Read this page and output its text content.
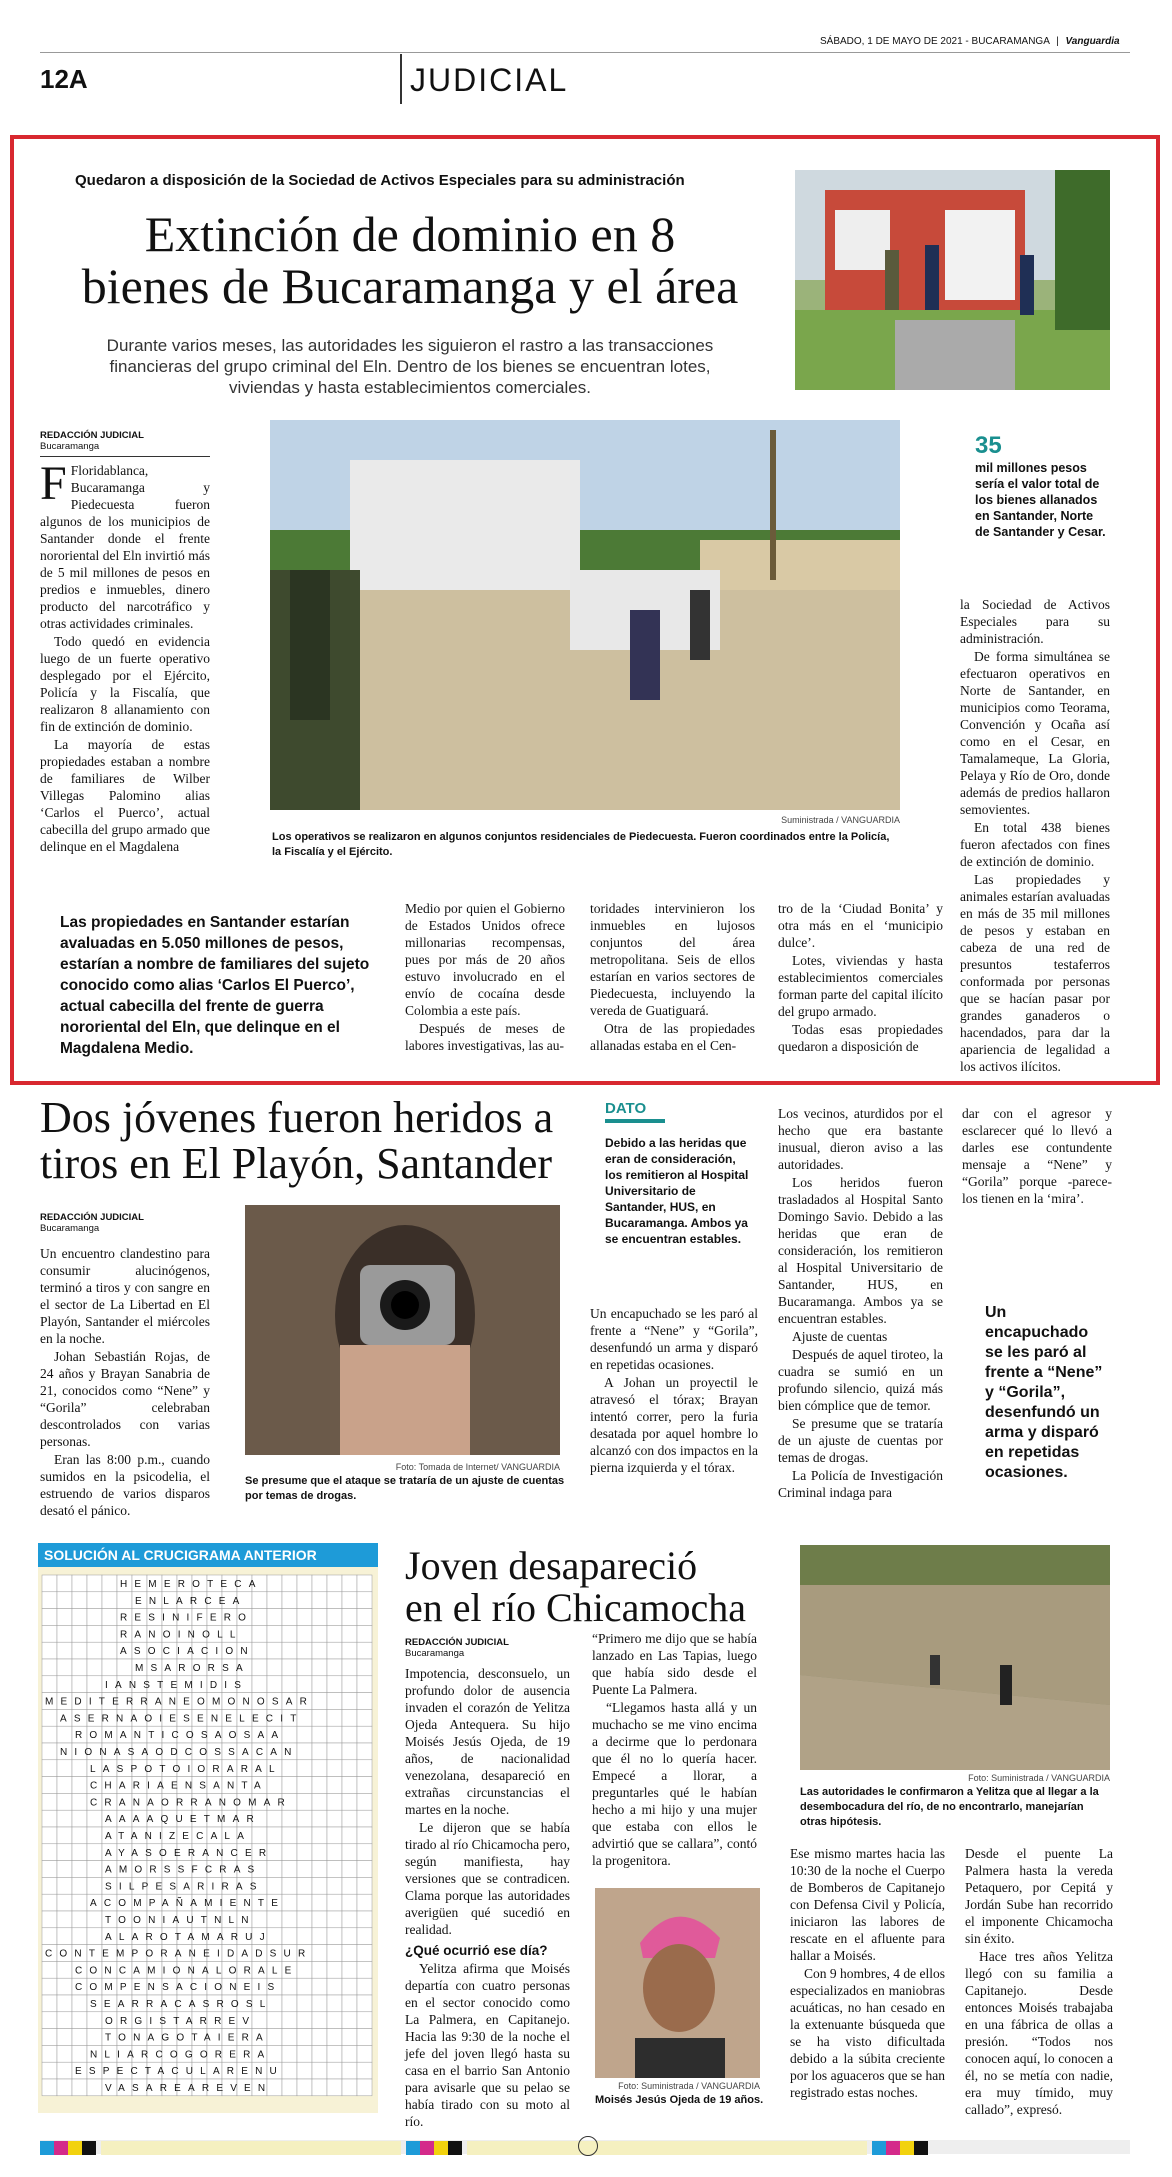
SÁBADO, 1 DE MAYO DE 2021 - BUCARAMANGA | Vanguardia
12A	JUDICIAL
Quedaron a disposición de la Sociedad de Activos Especiales para su administración
Extinción de dominio en 8
bienes de Bucaramanga y el área
Durante varios meses, las autoridades les siguieron el rastro a las transacciones financieras del grupo criminal del Eln. Dentro de los bienes se encuentran lotes, viviendas y hasta establecimientos comerciales.
REDACCIÓN JUDICIAL
Bucaramanga

F Floridablanca, Bucaramanga y Piedecuesta fueron algunos de los municipios de Santander donde el frente nororiental del Eln invirtió más de 5 mil millones de pesos en predios e inmuebles, dinero producto del narcotráfico y otras actividades criminales.

Todo quedó en evidencia luego de un fuerte operativo desplegado por el Ejército, Policía y la Fiscalía, que realizaron 8 allanamiento con fin de extinción de dominio.

La mayoría de estas propiedades estaban a nombre de familiares de Wilber Villegas Palomino alias ‘Carlos el Puerco’, actual cabecilla del grupo armado que delinque en el Magdalena

Suministrada / VANGUARDIA
Los operativos se realizaron en algunos conjuntos residenciales de Piedecuesta. Fueron coordinados entre la Policía, la Fiscalía y el Ejército.
35
mil millones pesos sería el valor total de los bienes allanados en Santander, Norte de Santander y Cesar.

la Sociedad de Activos Especiales para su administración.

De forma simultánea se efectuaron operativos en Norte de Santander, en municipios como Teorama, Convención y Ocaña así como en el Cesar, en Tamalameque, La Gloria, Pelaya y Río de Oro, donde además de predios hallaron semovientes.

En total 438 bienes fueron afectados con fines de extinción de dominio.

Las propiedades y animales estarían avaluadas en más de 35 mil millones de pesos y estaban en cabeza de una red de presuntos testaferros conformada por personas que se hacían pasar por grandes ganaderos o hacendados, para dar la apariencia de legalidad a los activos ilícitos.

Las propiedades en Santander estarían avaluadas en 5.050 millones de pesos, estarían a nombre de familiares del sujeto conocido como alias ‘Carlos El Puerco’, actual cabecilla del frente de guerra nororiental del Eln, que delinque en el Magdalena Medio.

Medio por quien el Gobierno de Estados Unidos ofrece millonarias recompensas, pues por más de 20 años estuvo involucrado en el envío de cocaína desde Colombia a este país.

Después de meses de labores investigativas, las au-

toridades intervinieron los inmuebles en lujosos conjuntos del área metropolitana. Seis de ellos estarían en varios sectores de Piedecuesta, incluyendo la vereda de Guatiguará.

Otra de las propiedades allanadas estaba en el Cen-

tro de la ‘Ciudad Bonita’ y otra más en el ‘municipio dulce’.

Lotes, viviendas y hasta establecimientos comerciales forman parte del capital ilícito del grupo armado.

Todas esas propiedades quedaron a disposición de

Dos jóvenes fueron heridos a
tiros en El Playón, Santander
REDACCIÓN JUDICIAL
Bucaramanga

Un encuentro clandestino para consumir alucinógenos, terminó a tiros y con sangre en el sector de La Libertad en El Playón, Santander el miércoles en la noche.

Johan Sebastián Rojas, de 24 años y Brayan Sanabria de 21, conocidos como “Nene” y “Gorila” celebraban descontrolados con varias personas.

Eran las 8:00 p.m., cuando sumidos en la psicodelia, el estruendo de varios disparos desató el pánico.

Foto: Tomada de Internet/ VANGUARDIA
Se presume que el ataque se trataría de un ajuste de cuentas por temas de drogas.
DATO
Debido a las heridas que eran de consideración, los remitieron al Hospital Universitario de Santander, HUS, en Bucaramanga. Ambos ya se encuentran estables.

Un encapuchado se les paró al frente a “Nene” y “Gorila”, desenfundó un arma y disparó en repetidas ocasiones.

A Johan un proyectil le atravesó el tórax; Brayan intentó correr, pero la furia desatada por aquel hombre lo alcanzó con dos impactos en la pierna izquierda y el tórax.

Los vecinos, aturdidos por el hecho que era bastante inusual, dieron aviso a las autoridades.

Los heridos fueron trasladados al Hospital Santo Domingo Savio. Debido a las heridas que eran de consideración, los remitieron al Hospital Universitario de Santander, HUS, en Bucaramanga. Ambos ya se encuentran estables.

Ajuste de cuentas

Después de aquel tiroteo, la cuadra se sumió en un profundo silencio, quizá más bien cómplice que de temor.

Se presume que se trataría de un ajuste de cuentas por temas de drogas.

La Policía de Investigación Criminal indaga para

dar con el agresor y esclarecer qué lo llevó a darles ese contundente mensaje a “Nene” y “Gorila” porque -parece- los tienen en la ‘mira’.

Un encapuchado se les paró al frente a “Nene” y “Gorila”, desenfundó un arma y disparó en repetidas ocasiones.
SOLUCIÓN AL CRUCIGRAMA ANTERIOR
HEMEROTECA
ENLARCEA
RESINIFERO
RANOINOLL
ASOCIACION
MSARORSA
IANSTEMIDIS
MEDITERRANEOMONOSAR
ASERNAOIESENELECIT
ROMANTICOSAOSAA
NIONASAODCOSSACAN
LASPOTOIORARAL
CHARIAENSANTA
CRANAORRANOMAR
AAAAQUETMAR
ATANIZECALA
AYASOERANCER
AMORSSFCRAS
SILPESARIRAS
ACOMPAÑAMIENTE
TOONIAUTNLN
ALAROTAMARUJ
CONTEMPORANEIDADSUR
CONCAMIONALORALE
COMPENSACIONEIS
SEARRACASROSL
ORGISTARREV
TONAGOTAIERA
NLIARCOGORERA
ESPECTACULARENU
VASAREAREVEN
Joven desapareció
en el río Chicamocha
REDACCIÓN JUDICIAL
Bucaramanga

Impotencia, desconsuelo, un profundo dolor de ausencia invaden el corazón de Yelitza Ojeda Antequera. Su hijo Moisés Jesús Ojeda, de 19 años, de nacionalidad venezolana, desapareció en extrañas circunstancias el martes en la noche.

Le dijeron que se había tirado al río Chicamocha pero, según manifiesta, hay versiones que se contradicen. Clama porque las autoridades averigüen qué sucedió en realidad.

¿Qué ocurrió ese día?

Yelitza afirma que Moisés departía con cuatro personas en el sector conocido como La Palmera, en Capitanejo. Hacia las 9:30 de la noche el jefe del joven llegó hasta su casa en el barrio San Antonio para avisarle que su pelao se había tirado con su moto al río.

“Primero me dijo que se había lanzado en Las Tapias, luego que había sido desde el Puente La Palmera.

“Llegamos hasta allá y un muchacho se me vino encima a decirme que lo perdonara que él no lo quería hacer. Empecé a llorar, a preguntarles qué le habían hecho a mi hijo y una mujer que estaba con ellos le advirtió que se callara”, contó la progenitora.

Foto: Suministrada / VANGUARDIA
Moisés Jesús Ojeda de 19 años.
Foto: Suministrada / VANGUARDIA
Las autoridades le confirmaron a Yelitza que al llegar a la desembocadura del río, de no encontrarlo, manejarían otras hipótesis.

Ese mismo martes hacia las 10:30 de la noche el Cuerpo de Bomberos de Capitanejo con Defensa Civil y Policía, iniciaron las labores de rescate en el afluente para hallar a Moisés.

Con 9 hombres, 4 de ellos especializados en maniobras acuáticas, no han cesado en la extenuante búsqueda que se ha visto dificultada debido a la súbita creciente por los aguaceros que se han registrado estas noches.

Desde el puente La Palmera hasta la vereda Petaquero, por Cepitá y Jordán Sube han recorrido el imponente Chicamocha sin éxito.

Hace tres años Yelitza llegó con su familia a Capitanejo. Desde entonces Moisés trabajaba en una fábrica de ollas a presión. “Todos nos conocen aquí, lo conocen a él, no se metía con nadie, era muy tímido, muy callado”, expresó.
